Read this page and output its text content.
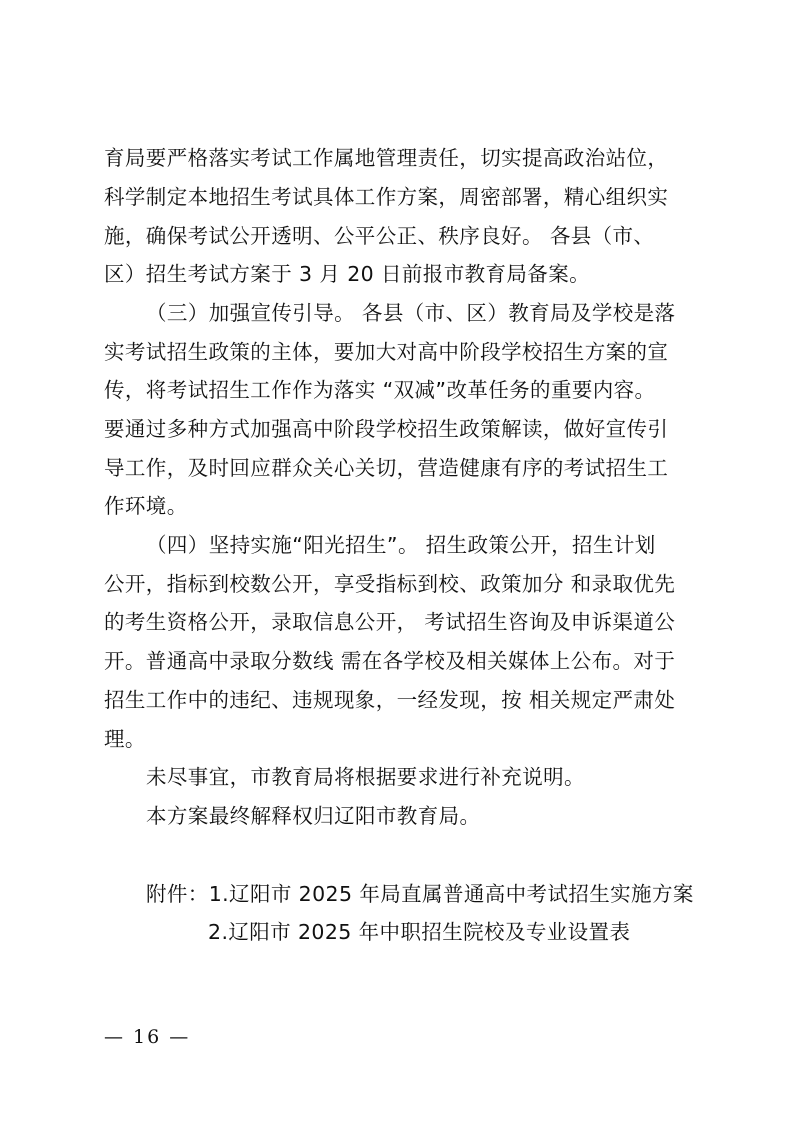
育局要严格落实考试工作属地管理责任，切实提高政治站位，
科学制定本地招生考试具体工作方案，周密部署，精心组织实
施，确保考试公开透明、公平公正、秩序良好。 各县（市、
区）招生考试方案于 3 月 20 日前报市教育局备案。
（三）加强宣传引导。 各县（市、区）教育局及学校是落
实考试招生政策的主体，要加大对高中阶段学校招生方案的宣
传，将考试招生工作作为落实 “双减”改革任务的重要内容。
要通过多种方式加强高中阶段学校招生政策解读，做好宣传引
导工作，及时回应群众关心关切，营造健康有序的考试招生工
作环境。
（四）坚持实施“阳光招生”。 招生政策公开，招生计划
公开，指标到校数公开，享受指标到校、政策加分 和录取优先
的考生资格公开，录取信息公开， 考试招生咨询及申诉渠道公
开。普通高中录取分数线 需在各学校及相关媒体上公布。对于
招生工作中的违纪、违规现象，一经发现，按 相关规定严肃处
理。
未尽事宜，市教育局将根据要求进行补充说明。
本方案最终解释权归辽阳市教育局。
附件：1.辽阳市 2025 年局直属普通高中考试招生实施方案
2.辽阳市 2025 年中职招生院校及专业设置表
— 16 —
